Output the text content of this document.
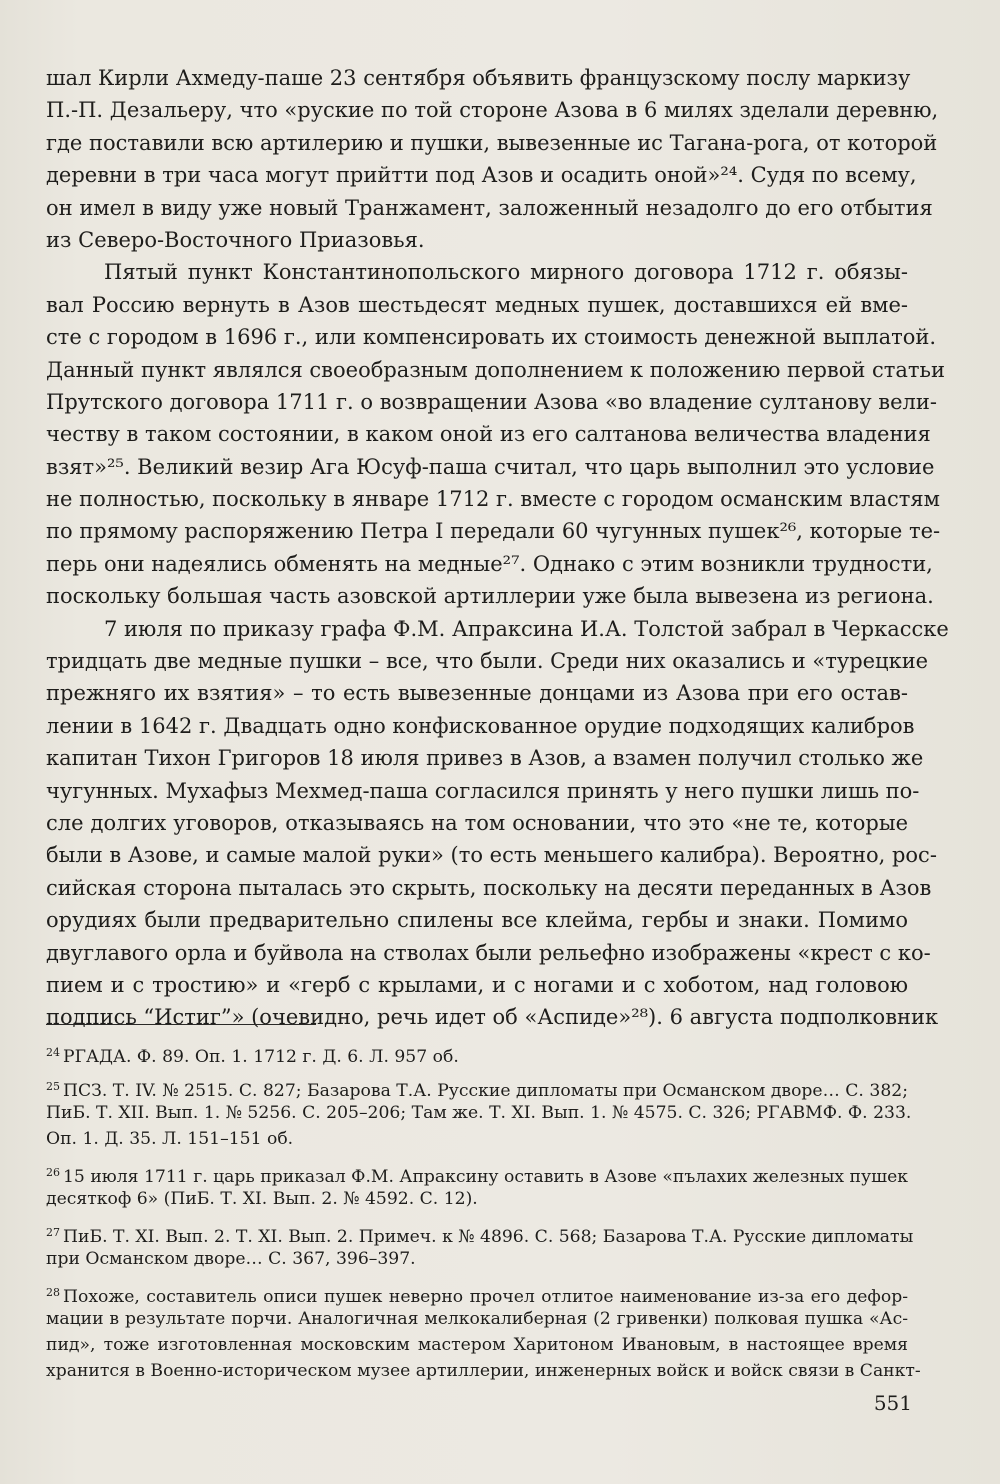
шал Кирли Ахмеду-паше 23 сентября объявить французскому послу маркизу
П.-П. Дезальеру, что «руские по той стороне Азова в 6 милях зделали деревню,
где поставили всю артилерию и пушки, вывезенные ис Тагана-рога, от которой
деревни в три часа могут прийтти под Азов и осадить оной»²⁴. Судя по всему,
он имел в виду уже новый Транжамент, заложенный незадолго до его отбытия
из Северо-Восточного Приазовья.
Пятый пункт Константинопольского мирного договора 1712 г. обязы-
вал Россию вернуть в Азов шестьдесят медных пушек, доставшихся ей вме-
сте с городом в 1696 г., или компенсировать их стоимость денежной выплатой.
Данный пункт являлся своеобразным дополнением к положению первой статьи
Прутского договора 1711 г. о возвращении Азова «во владение султанову вели-
честву в таком состоянии, в каком оной из его салтанова величества владения
взят»²⁵. Великий везир Ага Юсуф-паша считал, что царь выполнил это условие
не полностью, поскольку в январе 1712 г. вместе с городом османским властям
по прямому распоряжению Петра I передали 60 чугунных пушек²⁶, которые те-
перь они надеялись обменять на медные²⁷. Однако с этим возникли трудности,
поскольку большая часть азовской артиллерии уже была вывезена из региона.
7 июля по приказу графа Ф.М. Апраксина И.А. Толстой забрал в Черкасске
тридцать две медные пушки – все, что были. Среди них оказались и «турецкие
прежняго их взятия» – то есть вывезенные донцами из Азова при его остав-
лении в 1642 г. Двадцать одно конфискованное орудие подходящих калибров
капитан Тихон Григоров 18 июля привез в Азов, а взамен получил столько же
чугунных. Мухафыз Мехмед-паша согласился принять у него пушки лишь по-
сле долгих уговоров, отказываясь на том основании, что это «не те, которые
были в Азове, и самые малой руки» (то есть меньшего калибра). Вероятно, рос-
сийская сторона пыталась это скрыть, поскольку на десяти переданных в Азов
орудиях были предварительно спилены все клейма, гербы и знаки. Помимо
двуглавого орла и буйвола на стволах были рельефно изображены «крест с ко-
пием и с тростию» и «герб с крылами, и с ногами и с хоботом, над головою
подпись “Истиг”» (очевидно, речь идет об «Аспиде»²⁸). 6 августа подполковник
$^{24}$ РГАДА. Ф. 89. Оп. 1. 1712 г. Д. 6. Л. 957 об.
$^{25}$ ПСЗ. Т. IV. № 2515. С. 827; Базарова Т.А. Русские дипломаты при Османском дворе… С. 382;
ПиБ. Т. XII. Вып. 1. № 5256. С. 205–206; Там же. Т. XI. Вып. 1. № 4575. С. 326; РГАВМФ. Ф. 233.
Оп. 1. Д. 35. Л. 151–151 об.
$^{26}$ 15 июля 1711 г. царь приказал Ф.М. Апраксину оставить в Азове «пълахих железных пушек
десяткоф 6» (ПиБ. Т. XI. Вып. 2. № 4592. С. 12).
$^{27}$ ПиБ. Т. XI. Вып. 2. Т. XI. Вып. 2. Примеч. к № 4896. С. 568; Базарова Т.А. Русские дипломаты
при Османском дворе… С. 367, 396–397.
$^{28}$ Похоже, составитель описи пушек неверно прочел отлитое наименование из-за его дефор-
мации в результате порчи. Аналогичная мелкокалиберная (2 гривенки) полковая пушка «Ас-
пид», тоже изготовленная московским мастером Харитоном Ивановым, в настоящее время
хранится в Военно-историческом музее артиллерии, инженерных войск и войск связи в Санкт-
551
